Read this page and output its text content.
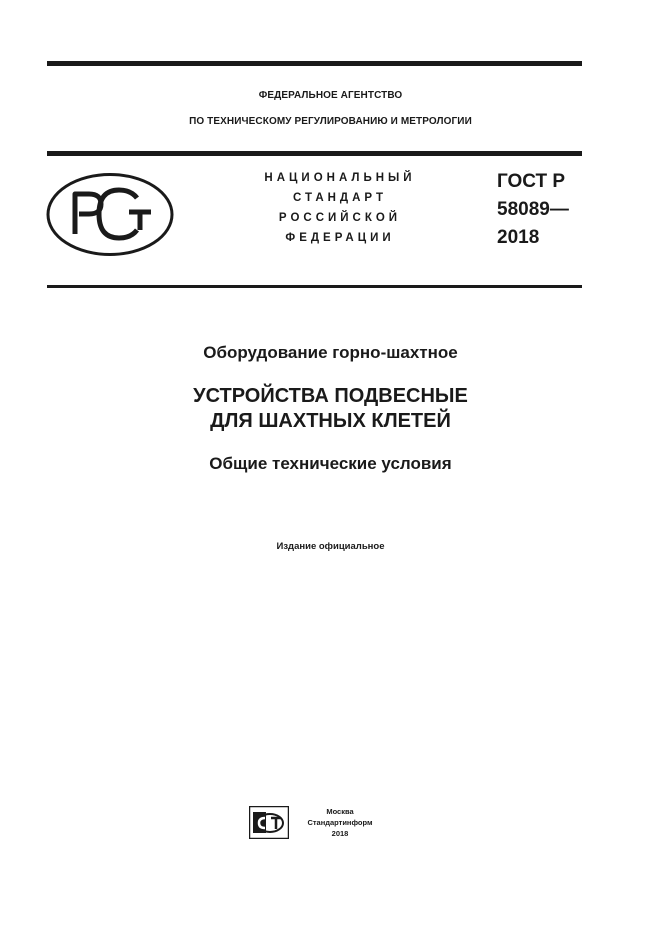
ФЕДЕРАЛЬНОЕ АГЕНТСТВО
ПО ТЕХНИЧЕСКОМУ РЕГУЛИРОВАНИЮ И МЕТРОЛОГИИ
НАЦИОНАЛЬНЫЙ
СТАНДАРТ
РОССИЙСКОЙ
ФЕДЕРАЦИИ
ГОСТ Р
58089—
2018
Оборудование горно-шахтное
УСТРОЙСТВА ПОДВЕСНЫЕ
ДЛЯ ШАХТНЫХ КЛЕТЕЙ
Общие технические условия
Издание официальное
Москва
Стандартинформ
2018
